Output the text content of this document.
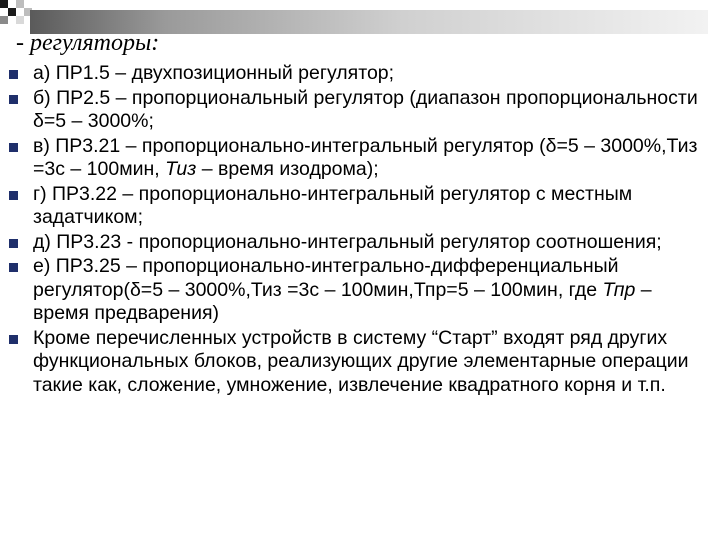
- регуляторы:
а) ПР1.5 – двухпозиционный регулятор;
б) ПР2.5 – пропорциональный регулятор (диапазон пропорциональности δ=5 – 3000%;
в) ПР3.21 – пропорционально-интегральный регулятор (δ=5 – 3000%,Тиз =3с – 100мин, Тиз – время изодрома);
г) ПР3.22 – пропорционально-интегральный регулятор с местным задатчиком;
д) ПР3.23 - пропорционально-интегральный регулятор соотношения;
е) ПР3.25 – пропорционально-интегрально-дифференциальный регулятор(δ=5 – 3000%,Тиз =3с – 100мин,Тпр=5 – 100мин, где Тпр – время предварения)
Кроме перечисленных устройств в систему “Старт” входят ряд других функциональных блоков, реализующих другие элементарные операции такие как, сложение, умножение, извлечение квадратного корня и т.п.
